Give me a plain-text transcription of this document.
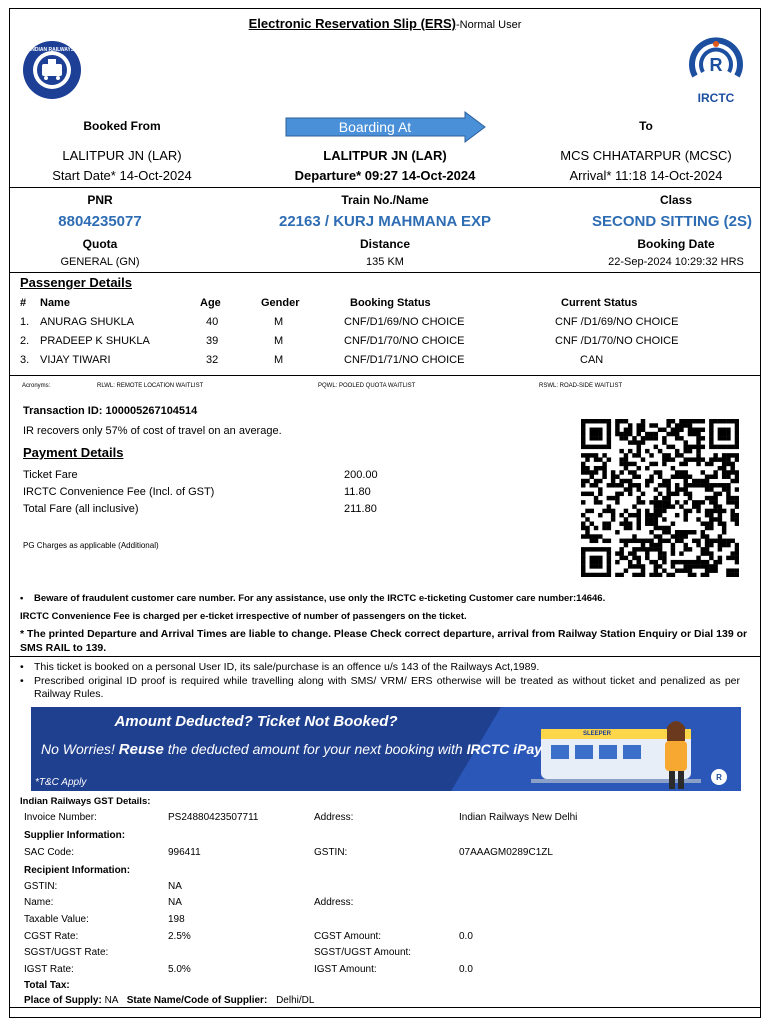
Electronic Reservation Slip (ERS)-Normal User
INDIAN RAILWAYS
R
IRCTC
Booked From	Boarding At	To
LALITPUR JN (LAR)
Start Date* 14-Oct-2024
LALITPUR JN (LAR)
Departure* 09:27 14-Oct-2024
MCS CHHATARPUR (MCSC)
Arrival* 11:18 14-Oct-2024
PNR
8804235077
Train No./Name
22163 / KURJ MAHMANA EXP
Class
SECOND SITTING (2S)
Quota
GENERAL (GN)
Distance
135 KM
Booking Date
22-Sep-2024 10:29:32 HRS
Passenger Details
# Name	Age	Gender	Booking Status	Current Status
1. ANURAG SHUKLA	40	M	CNF/D1/69/NO CHOICE	CNF /D1/69/NO CHOICE
2. PRADEEP K SHUKLA	39	M	CNF/D1/70/NO CHOICE	CNF /D1/70/NO CHOICE
3. VIJAY TIWARI	32	M	CNF/D1/71/NO CHOICE	CAN
Acronyms:	RLWL: REMOTE LOCATION WAITLIST	PQWL: POOLED QUOTA WAITLIST	RSWL: ROAD-SIDE WAITLIST
Transaction ID: 100005267104514
IR recovers only 57% of cost of travel on an average.
Payment Details
Ticket Fare	200.00
IRCTC Convenience Fee (Incl. of GST)	11.80
Total Fare (all inclusive)	211.80
PG Charges as applicable (Additional)
• Beware of fraudulent customer care number. For any assistance, use only the IRCTC e-ticketing Customer care number:14646.
IRCTC Convenience Fee is charged per e-ticket irrespective of number of passengers on the ticket.
* The printed Departure and Arrival Times are liable to change. Please Check correct departure, arrival from Railway Station Enquiry or Dial 139 or SMS RAIL to 139.
• This ticket is booked on a personal User ID, its sale/purchase is an offence u/s 143 of the Railways Act,1989.
• Prescribed original ID proof is required while travelling along with SMS/ VRM/ ERS otherwise will be treated as without ticket and penalized as per Railway Rules.
R
SLEEPER
Amount Deducted? Ticket Not Booked?
No Worries! Reuse the deducted amount for your next booking with IRCTC iPay
*T&C Apply
Indian Railways GST Details:
Invoice Number:	PS24880423507711	Address:	Indian Railways New Delhi
Supplier Information:
SAC Code:	996411	GSTIN:	07AAAGM0289C1ZL
Recipient Information:
GSTIN:	NA
Name:	NA	Address:
Taxable Value:	198
CGST Rate:	2.5%	CGST Amount:	0.0
SGST/UGST Rate:	SGST/UGST Amount:
IGST Rate:	5.0%	IGST Amount:	0.0
Total Tax:
Place of Supply: NA State Name/Code of Supplier: Delhi/DL
